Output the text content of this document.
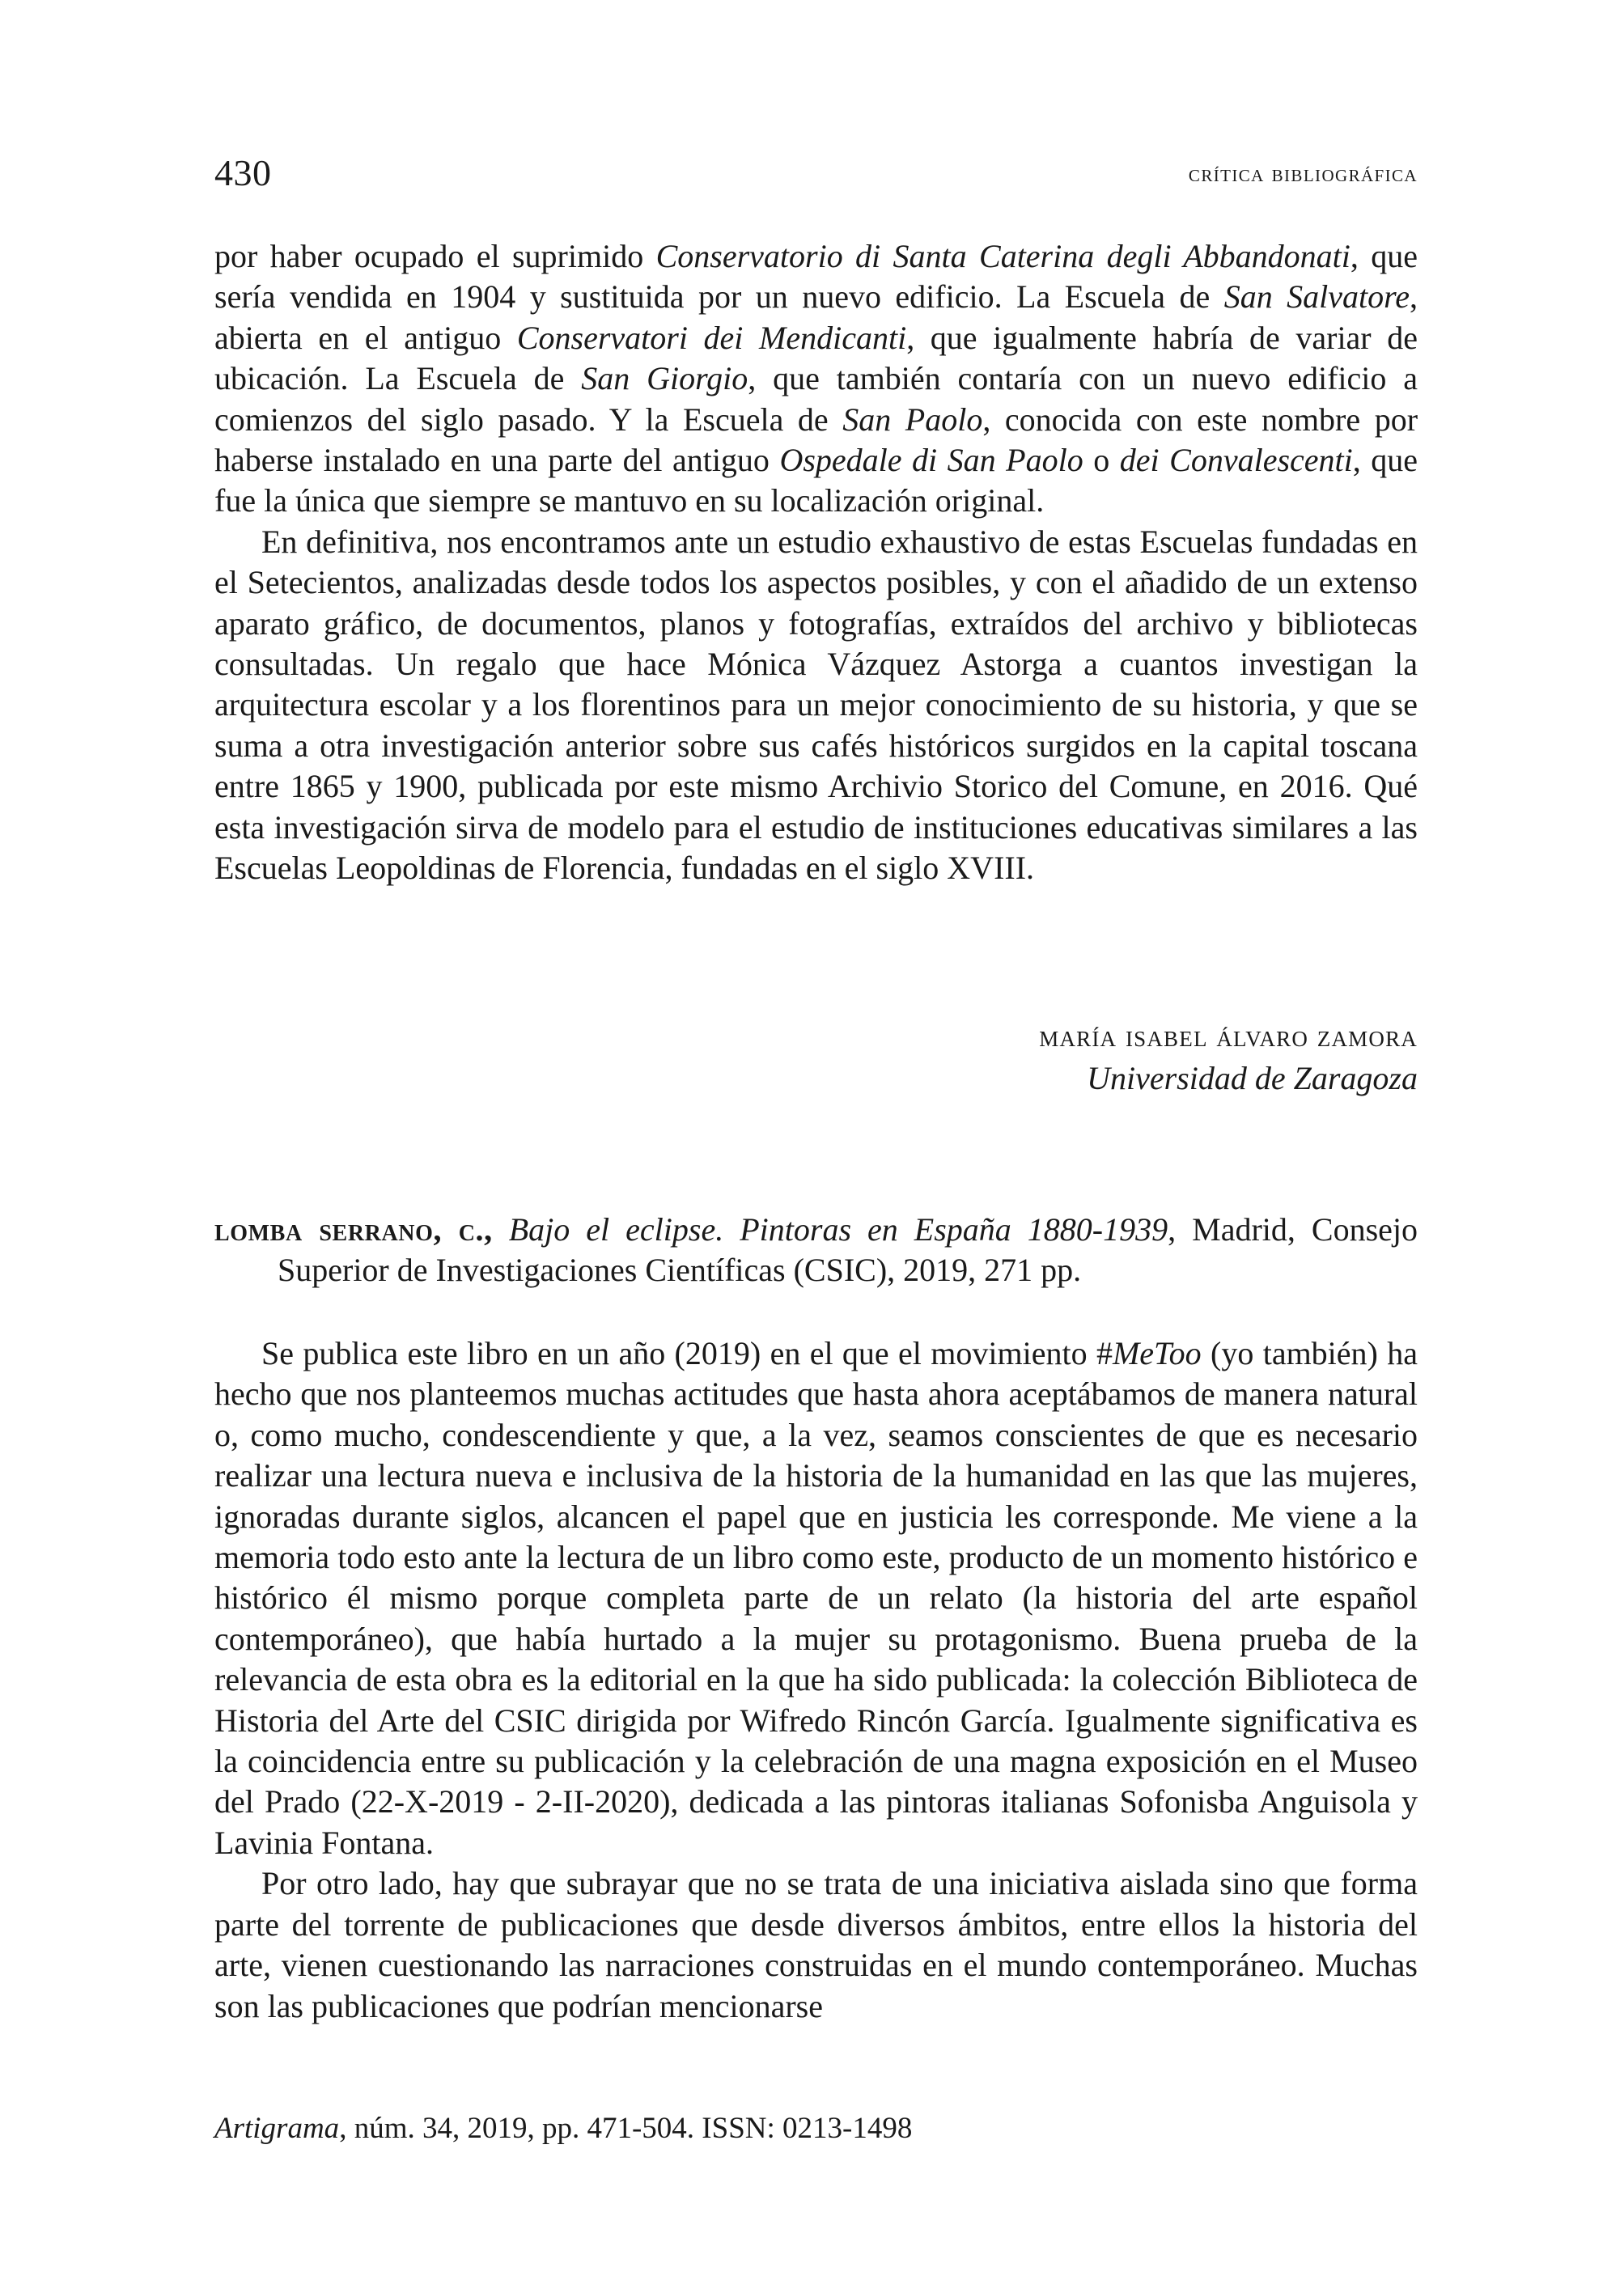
430	crítica bibliográfica

por haber ocupado el suprimido Conservatorio di Santa Caterina degli Abbandonati, que sería vendida en 1904 y sustituida por un nuevo edificio. La Escuela de San Salvatore, abierta en el antiguo Conservatori dei Mendicanti, que igualmente habría de variar de ubicación. La Escuela de San Giorgio, que también contaría con un nuevo edificio a comienzos del siglo pasado. Y la Escuela de San Paolo, conocida con este nombre por haberse instalado en una parte del antiguo Ospedale di San Paolo o dei Convalescenti, que fue la única que siempre se mantuvo en su localización original.

En definitiva, nos encontramos ante un estudio exhaustivo de estas Escuelas fundadas en el Setecientos, analizadas desde todos los aspectos posibles, y con el añadido de un extenso aparato gráfico, de documentos, planos y fotografías, extraídos del archivo y bibliotecas consultadas. Un regalo que hace Mónica Vázquez Astorga a cuantos investigan la arquitectura escolar y a los florentinos para un mejor conocimiento de su historia, y que se suma a otra investigación anterior sobre sus cafés históricos surgidos en la capital toscana entre 1865 y 1900, publicada por este mismo Archivio Storico del Comune, en 2016. Qué esta investigación sirva de modelo para el estudio de instituciones educativas similares a las Escuelas Leopoldinas de Florencia, fundadas en el siglo XVIII.

maría isabel álvaro zamora
Universidad de Zaragoza
lomba serrano, c., Bajo el eclipse. Pintoras en España 1880-1939, Madrid, Consejo Superior de Investigaciones Científicas (CSIC), 2019, 271 pp.

Se publica este libro en un año (2019) en el que el movimiento #MeToo (yo también) ha hecho que nos planteemos muchas actitudes que hasta ahora aceptábamos de manera natural o, como mucho, condescendiente y que, a la vez, seamos conscientes de que es necesario realizar una lectura nueva e inclusiva de la historia de la humanidad en las que las mujeres, ignoradas durante siglos, alcancen el papel que en justicia les corresponde. Me viene a la memoria todo esto ante la lectura de un libro como este, producto de un momento histórico e histórico él mismo porque completa parte de un relato (la historia del arte español contemporáneo), que había hurtado a la mujer su protagonismo. Buena prueba de la relevancia de esta obra es la editorial en la que ha sido publicada: la colección Biblioteca de Historia del Arte del CSIC dirigida por Wifredo Rincón García. Igualmente significativa es la coincidencia entre su publicación y la celebración de una magna exposición en el Museo del Prado (22-X-2019 - 2-II-2020), dedicada a las pintoras italianas Sofonisba Anguisola y Lavinia Fontana.

Por otro lado, hay que subrayar que no se trata de una iniciativa aislada sino que forma parte del torrente de publicaciones que desde diversos ámbitos, entre ellos la historia del arte, vienen cuestionando las narraciones construidas en el mundo contemporáneo. Muchas son las publicaciones que podrían mencionarse

Artigrama, núm. 34, 2019, pp. 471-504. ISSN: 0213-1498
